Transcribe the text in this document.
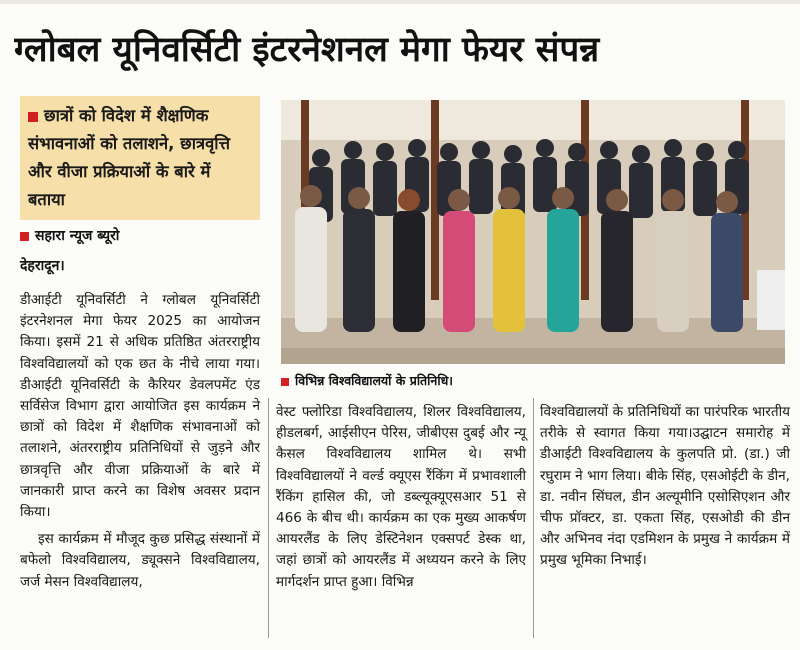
ग्लोबल यूनिवर्सिटी इंटरनेशनल मेगा फेयर संपन्न
छात्रों को विदेश में शैक्षणिक संभावनाओं को तलाशने, छात्रवृत्ति और वीजा प्रक्रियाओं के बारे में बताया
सहारा न्यूज ब्यूरो
देहरादून।

डीआईटी यूनिवर्सिटी ने ग्लोबल यूनिवर्सिटी इंटरनेशनल मेगा फेयर 2025 का आयोजन किया। इसमें 21 से अधिक प्रतिष्ठित अंतरराष्ट्रीय विश्वविद्यालयों को एक छत के नीचे लाया गया। डीआईटी यूनिवर्सिटी के कैरियर डेवलपमेंट एंड सर्विसेज विभाग द्वारा आयोजित इस कार्यक्रम ने छात्रों को विदेश में शैक्षणिक संभावनाओं को तलाशने, अंतरराष्ट्रीय प्रतिनिधियों से जुड़ने और छात्रवृत्ति और वीजा प्रक्रियाओं के बारे में जानकारी प्राप्त करने का विशेष अवसर प्रदान किया।

इस कार्यक्रम में मौजूद कुछ प्रसिद्ध संस्थानों में बफेलो विश्वविद्यालय, ड्यूक्सने विश्वविद्यालय, जर्ज मेसन विश्वविद्यालय,

विभिन्न विश्वविद्यालयों के प्रतिनिधि।

वेस्ट फ्लोरिडा विश्वविद्यालय, शिलर विश्वविद्यालय, हीडलबर्ग, आईसीएन पेरिस, जीबीएस दुबई और न्यू कैसल विश्वविद्यालय शामिल थे। सभी विश्वविद्यालयों ने वर्ल्ड क्यूएस रैंकिंग में प्रभावशाली रैंकिंग हासिल की, जो डब्ल्यूक्यूएसआर 51 से 466 के बीच थी। कार्यक्रम का एक मुख्य आकर्षण आयरलैंड के लिए डेस्टिनेशन एक्सपर्ट डेस्क था, जहां छात्रों को आयरलैंड में अध्ययन करने के लिए मार्गदर्शन प्राप्त हुआ। विभिन्न

विश्वविद्यालयों के प्रतिनिधियों का पारंपरिक भारतीय तरीके से स्वागत किया गया।उद्घाटन समारोह में डीआईटी विश्वविद्यालय के कुलपति प्रो. (डा.) जी रघुराम ने भाग लिया। बीके सिंह, एसओईटी के डीन, डा. नवीन सिंघल, डीन अल्यूमीनि एसोसिएशन और चीफ प्रॉक्टर, डा. एकता सिंह, एसओडी की डीन और अभिनव नंदा एडमिशन के प्रमुख ने कार्यक्रम में प्रमुख भूमिका निभाई।
